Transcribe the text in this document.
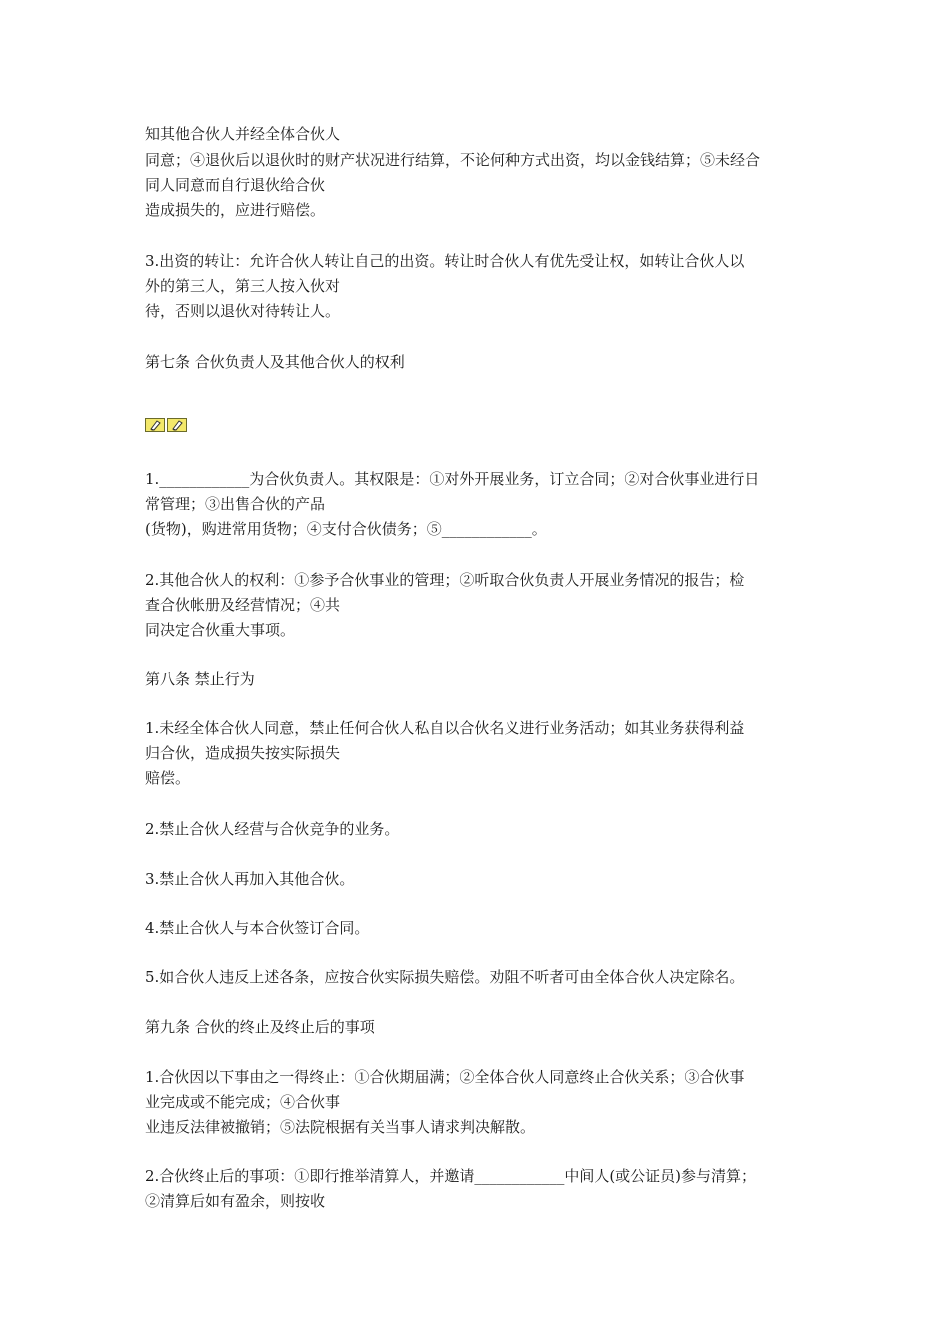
知其他合伙人并经全体合伙人
同意；④退伙后以退伙时的财产状况进行结算，不论何种方式出资，均以金钱结算；⑤未经合
同人同意而自行退伙给合伙
造成损失的，应进行赔偿。
3.出资的转让：允许合伙人转让自己的出资。转让时合伙人有优先受让权，如转让合伙人以
外的第三人，第三人按入伙对
待，否则以退伙对待转让人。
第七条 合伙负责人及其他合伙人的权利
1.____________为合伙负责人。其权限是：①对外开展业务，订立合同；②对合伙事业进行日
常管理；③出售合伙的产品
(货物)，购进常用货物；④支付合伙债务；⑤____________。
2.其他合伙人的权利：①参予合伙事业的管理；②听取合伙负责人开展业务情况的报告；检
查合伙帐册及经营情况；④共
同决定合伙重大事项。
第八条 禁止行为
1.未经全体合伙人同意，禁止任何合伙人私自以合伙名义进行业务活动；如其业务获得利益
归合伙，造成损失按实际损失
赔偿。
2.禁止合伙人经营与合伙竞争的业务。
3.禁止合伙人再加入其他合伙。
4.禁止合伙人与本合伙签订合同。
5.如合伙人违反上述各条，应按合伙实际损失赔偿。劝阻不听者可由全体合伙人决定除名。
第九条 合伙的终止及终止后的事项
1.合伙因以下事由之一得终止：①合伙期届满；②全体合伙人同意终止合伙关系；③合伙事
业完成或不能完成；④合伙事
业违反法律被撤销；⑤法院根据有关当事人请求判决解散。
2.合伙终止后的事项：①即行推举清算人，并邀请____________中间人(或公证员)参与清算；
②清算后如有盈余，则按收
